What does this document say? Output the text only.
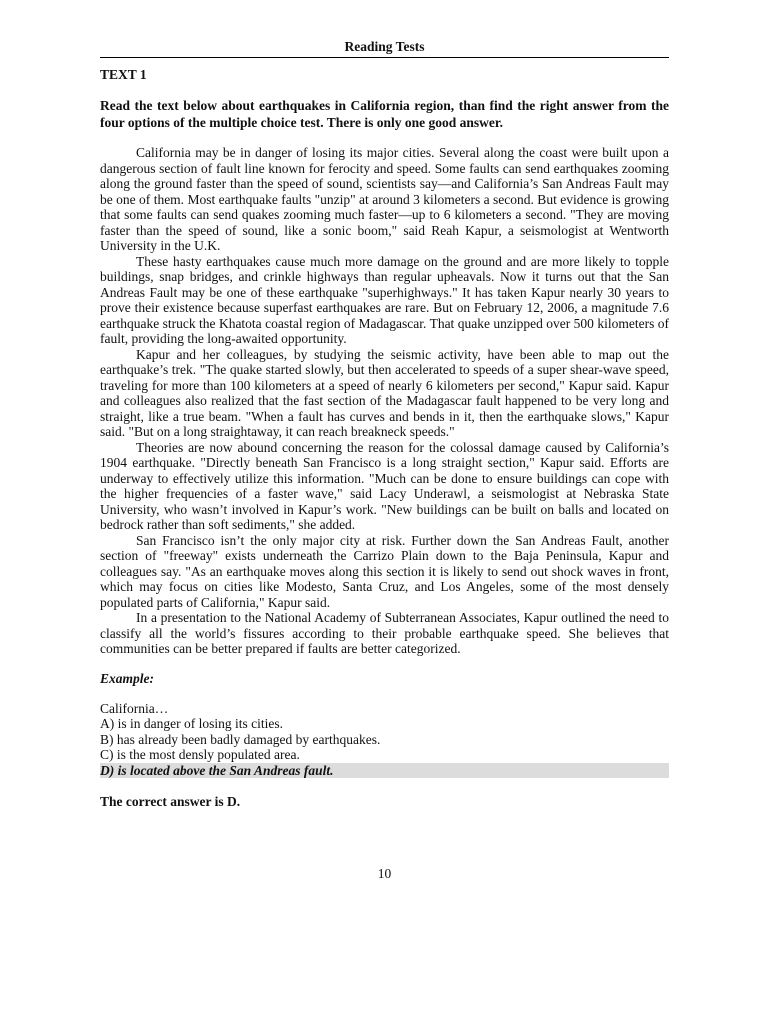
Reading Tests
TEXT 1
Read the text below about earthquakes in California region, than find the right answer from the four options of the multiple choice test. There is only one good answer.

California may be in danger of losing its major cities. Several along the coast were built upon a dangerous section of fault line known for ferocity and speed. Some faults can send earthquakes zooming along the ground faster than the speed of sound, scientists say—and California’s San Andreas Fault may be one of them. Most earthquake faults "unzip" at around 3 kilometers a second. But evidence is growing that some faults can send quakes zooming much faster—up to 6 kilometers a second. "They are moving faster than the speed of sound, like a sonic boom," said Reah Kapur, a seismologist at Wentworth University in the U.K.

These hasty earthquakes cause much more damage on the ground and are more likely to topple buildings, snap bridges, and crinkle highways than regular upheavals. Now it turns out that the San Andreas Fault may be one of these earthquake "superhighways." It has taken Kapur nearly 30 years to prove their existence because superfast earthquakes are rare. But on February 12, 2006, a magnitude 7.6 earthquake struck the Khatota coastal region of Madagascar. That quake unzipped over 500 kilometers of fault, providing the long-awaited opportunity.

Kapur and her colleagues, by studying the seismic activity, have been able to map out the earthquake’s trek. "The quake started slowly, but then accelerated to speeds of a super shear-wave speed, traveling for more than 100 kilometers at a speed of nearly 6 kilometers per second," Kapur said. Kapur and colleagues also realized that the fast section of the Madagascar fault happened to be very long and straight, like a true beam. "When a fault has curves and bends in it, then the earthquake slows," Kapur said. "But on a long straightaway, it can reach breakneck speeds."

Theories are now abound concerning the reason for the colossal damage caused by California’s 1904 earthquake. "Directly beneath San Francisco is a long straight section," Kapur said. Efforts are underway to effectively utilize this information. "Much can be done to ensure buildings can cope with the higher frequencies of a faster wave," said Lacy Underawl, a seismologist at Nebraska State University, who wasn’t involved in Kapur’s work. "New buildings can be built on balls and located on bedrock rather than soft sediments," she added.

San Francisco isn’t the only major city at risk. Further down the San Andreas Fault, another section of "freeway" exists underneath the Carrizo Plain down to the Baja Peninsula, Kapur and colleagues say. "As an earthquake moves along this section it is likely to send out shock waves in front, which may focus on cities like Modesto, Santa Cruz, and Los Angeles, some of the most densely populated parts of California," Kapur said.

In a presentation to the National Academy of Subterranean Associates, Kapur outlined the need to classify all the world’s fissures according to their probable earthquake speed. She believes that communities can be better prepared if faults are better categorized.

Example:
California…
A) is in danger of losing its cities.
B) has already been badly damaged by earthquakes.
C) is the most densly populated area.
D) is located above the San Andreas fault.
The correct answer is D.
10
